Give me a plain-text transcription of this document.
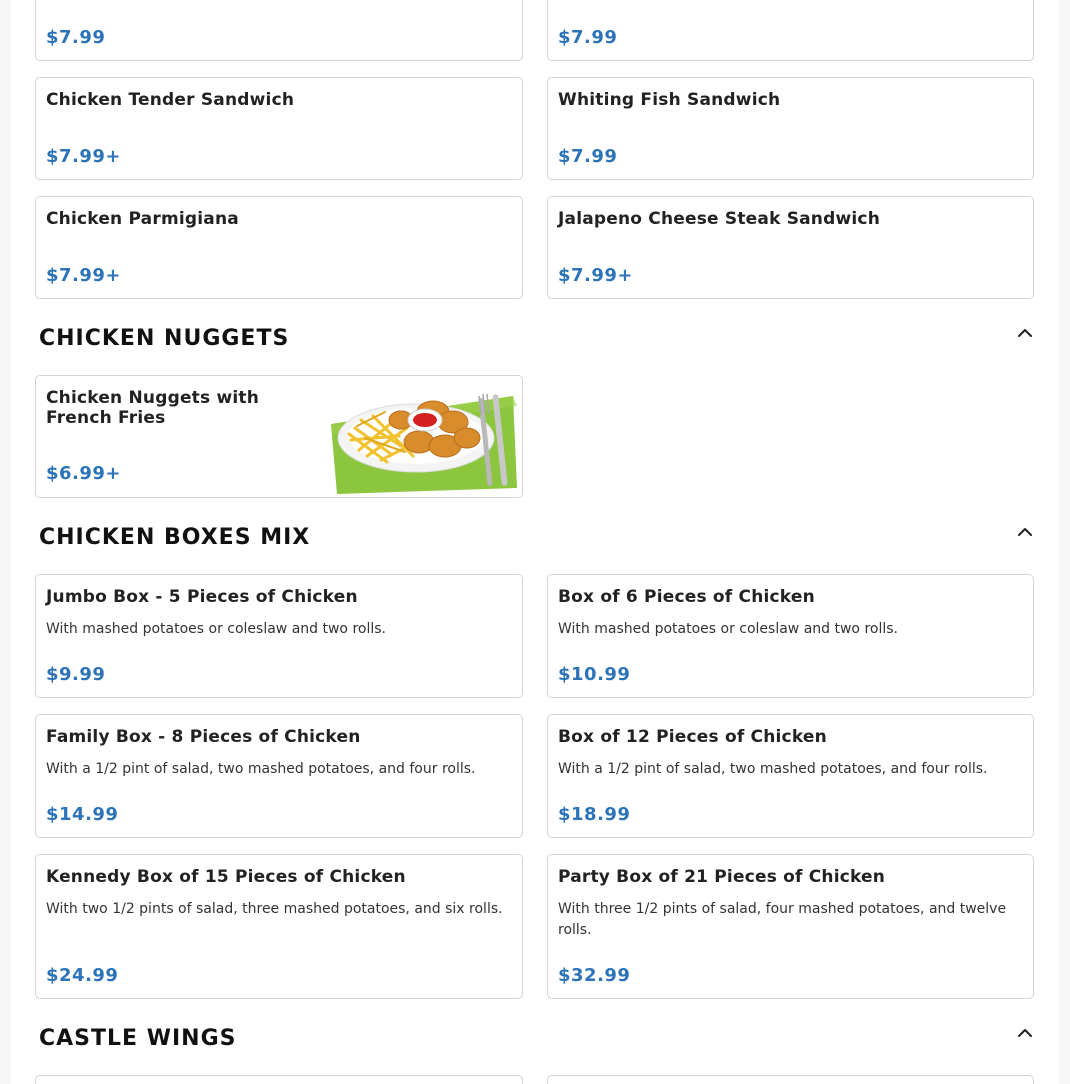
$7.99	$7.99
Chicken Tender Sandwich
$7.99+
Whiting Fish Sandwich
$7.99
Chicken Parmigiana
$7.99+
Jalapeno Cheese Steak Sandwich
$7.99+
CHICKEN NUGGETS
Chicken Nuggets with
French Fries
$6.99+
CHICKEN BOXES MIX
Jumbo Box - 5 Pieces of Chicken
With mashed potatoes or coleslaw and two rolls.
$9.99
Box of 6 Pieces of Chicken
With mashed potatoes or coleslaw and two rolls.
$10.99
Family Box - 8 Pieces of Chicken
With a 1/2 pint of salad, two mashed potatoes, and four rolls.
$14.99
Box of 12 Pieces of Chicken
With a 1/2 pint of salad, two mashed potatoes, and four rolls.
$18.99
Kennedy Box of 15 Pieces of Chicken
With two 1/2 pints of salad, three mashed potatoes, and six rolls.
$24.99
Party Box of 21 Pieces of Chicken
With three 1/2 pints of salad, four mashed potatoes, and twelve rolls.
$32.99
CASTLE WINGS
